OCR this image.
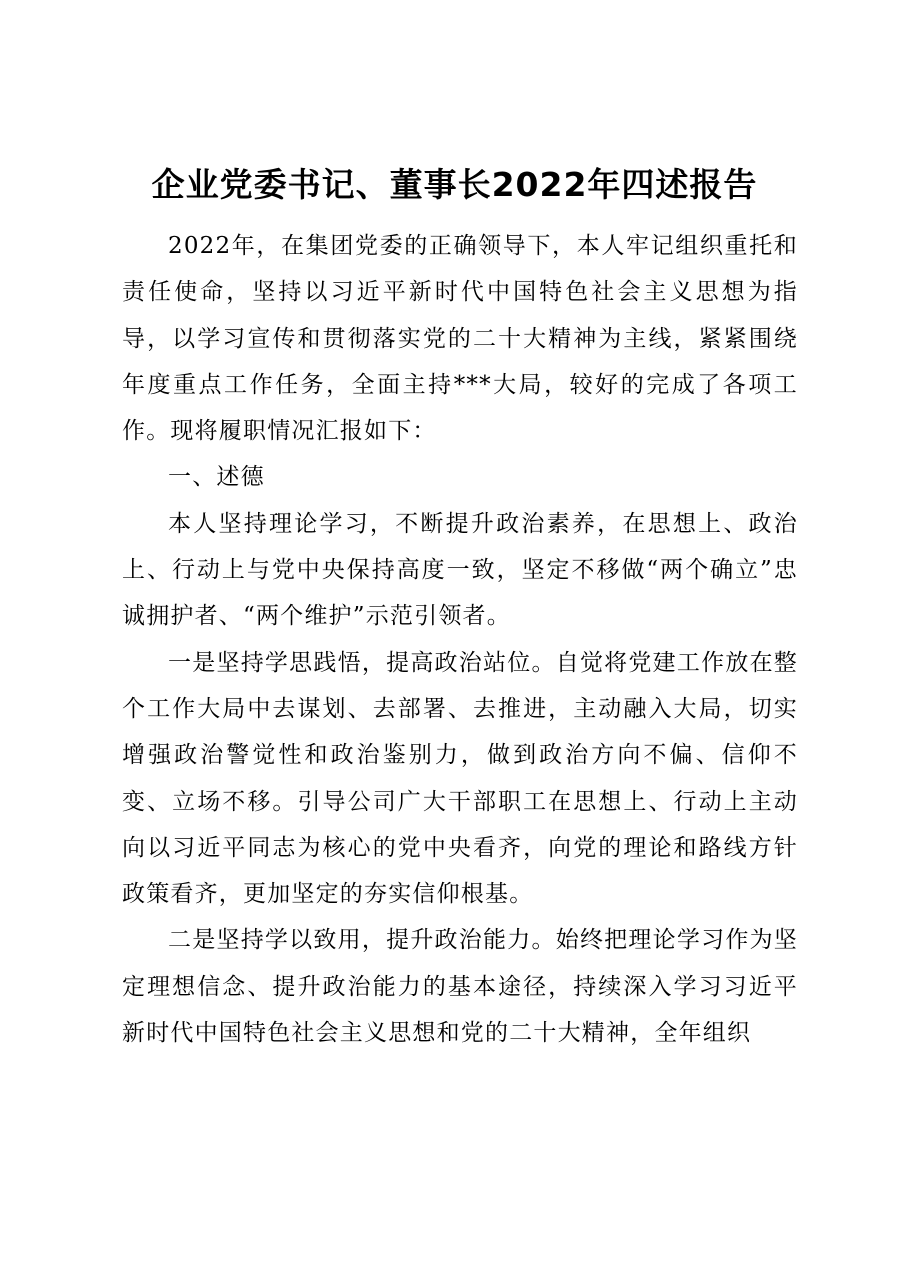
企业党委书记、董事长2022年四述报告

2022年，在集团党委的正确领导下，本人牢记组织重托和责任使命，坚持以习近平新时代中国特色社会主义思想为指导，以学习宣传和贯彻落实党的二十大精神为主线，紧紧围绕年度重点工作任务，全面主持***大局，较好的完成了各项工作。现将履职情况汇报如下：

一、述德

本人坚持理论学习，不断提升政治素养，在思想上、政治上、行动上与党中央保持高度一致，坚定不移做“两个确立”忠诚拥护者、“两个维护”示范引领者。

一是坚持学思践悟，提高政治站位。自觉将党建工作放在整个工作大局中去谋划、去部署、去推进，主动融入大局，切实增强政治警觉性和政治鉴别力，做到政治方向不偏、信仰不变、立场不移。引导公司广大干部职工在思想上、行动上主动向以习近平同志为核心的党中央看齐，向党的理论和路线方针政策看齐，更加坚定的夯实信仰根基。

二是坚持学以致用，提升政治能力。始终把理论学习作为坚定理想信念、提升政治能力的基本途径，持续深入学习习近平新时代中国特色社会主义思想和党的二十大精神，全年组织
